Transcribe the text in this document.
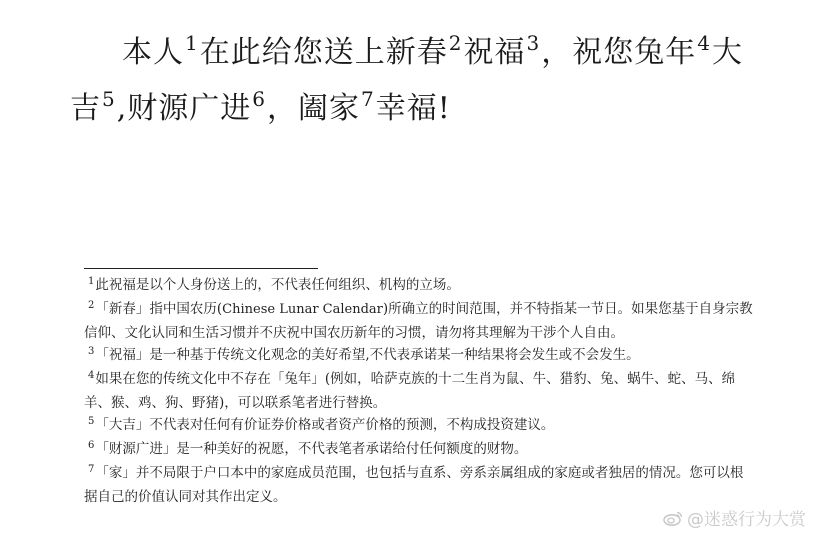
本人$^1$在此给您送上新春$^2$祝福$^3$，祝您兔年$^4$大吉$^5$,财源广进$^6$，阖家$^7$幸福!

$^1$此祝福是以个人身份送上的，不代表任何组织、机构的立场。

$^2$「新春」指中国农历(Chinese Lunar Calendar)所确立的时间范围，并不特指某一节日。如果您基于自身宗教信仰、文化认同和生活习惯并不庆祝中国农历新年的习惯，请勿将其理解为干涉个人自由。

$^3$「祝福」是一种基于传统文化观念的美好希望,不代表承诺某一种结果将会发生或不会发生。

$^4$如果在您的传统文化中不存在「兔年」(例如，哈萨克族的十二生肖为鼠、牛、猎豹、兔、蜗牛、蛇、马、绵羊、猴、鸡、狗、野猪)，可以联系笔者进行替换。

$^5$「大吉」不代表对任何有价证券价格或者资产价格的预测，不构成投资建议。

$^6$「财源广进」是一种美好的祝愿，不代表笔者承诺给付任何额度的财物。

$^7$「家」并不局限于户口本中的家庭成员范围，也包括与直系、旁系亲属组成的家庭或者独居的情况。您可以根据自己的价值认同对其作出定义。

@迷惑行为大赏
